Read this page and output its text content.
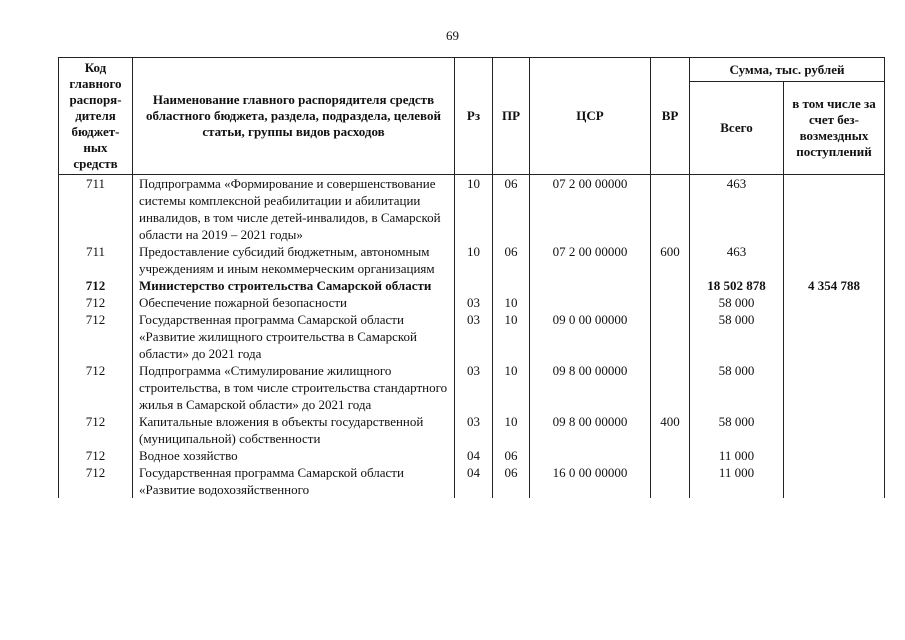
69
Код главного распоря-дителя бюджет-ных средств	Наименование главного распорядителя средств областного бюджета, раздела, подраздела, целевой статьи, группы видов расходов	Рз	ПР	ЦСР	ВР	Сумма, тыс. рублей	
						Всего	в том числе за счет без-возмездных поступлений
711	Подпрограмма «Формирование и совершенствование системы комплексной реабилитации и абилитации инвалидов, в том числе детей-инвалидов, в Самарской области на 2019 – 2021 годы»	10	06	07 2 00 00000		463	
711	Предоставление субсидий бюджетным, автономным учреждениям и иным некоммерческим организациям	10	06	07 2 00 00000	600	463	
712	Министерство строительства Самарской области					18 502 878	4 354 788
712	Обеспечение пожарной безопасности	03	10			58 000	
712	Государственная программа Самарской области «Развитие жилищного строительства в Самарской области» до 2021 года	03	10	09 0 00 00000		58 000	
712	Подпрограмма «Стимулирование жилищного строительства, в том числе строительства стандартного жилья в Самарской области» до 2021 года	03	10	09 8 00 00000		58 000	
712	Капитальные вложения в объекты государственной (муниципальной) собственности	03	10	09 8 00 00000	400	58 000	
712	Водное хозяйство	04	06			11 000	
712	Государственная программа Самарской области «Развитие водохозяйственного	04	06	16 0 00 00000		11 000	
